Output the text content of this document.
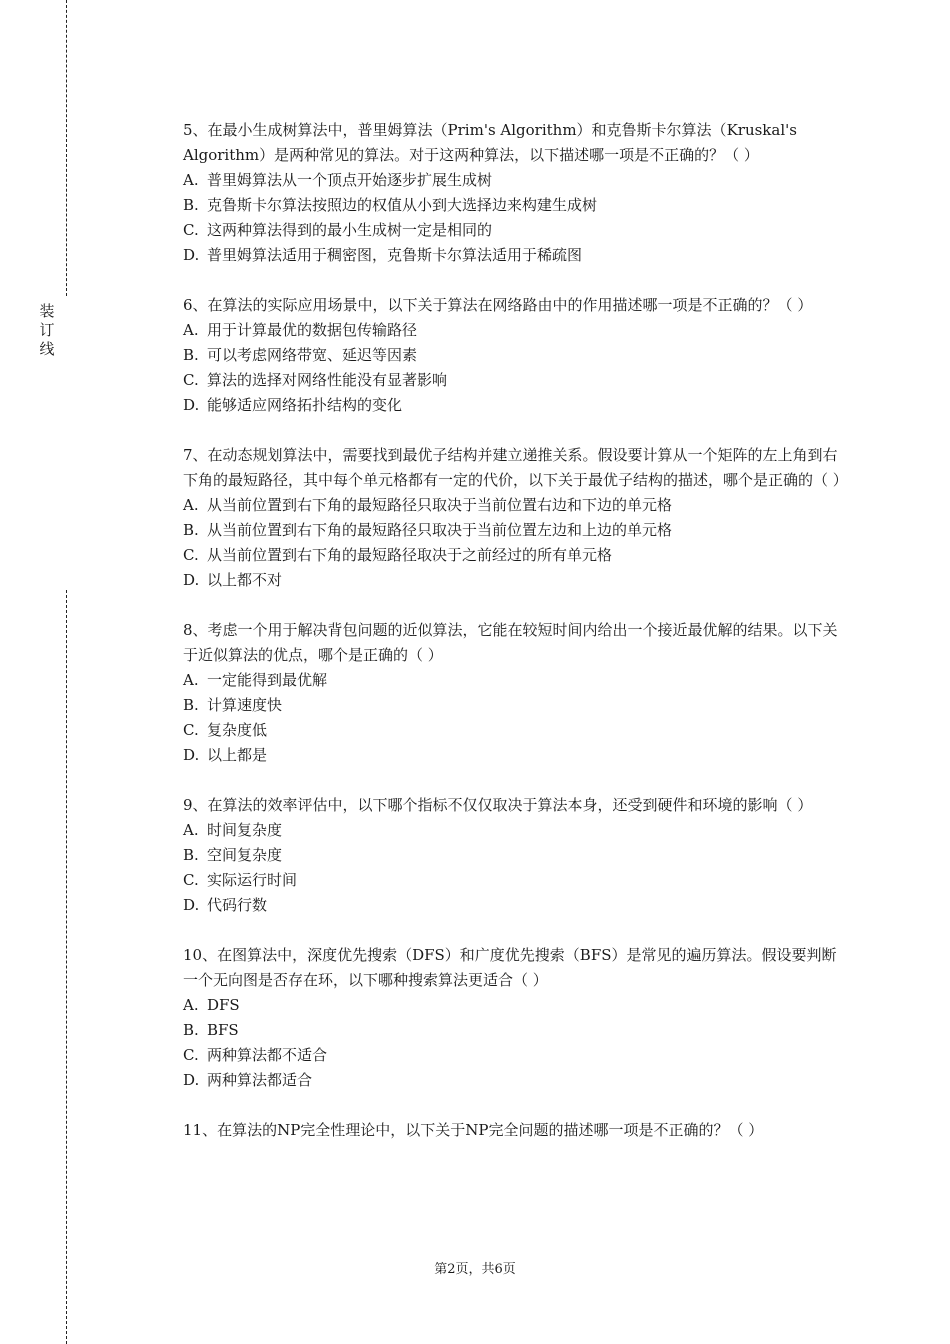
装订线

5、在最小生成树算法中，普里姆算法（Prim's Algorithm）和克鲁斯卡尔算法（Kruskal's Algorithm）是两种常见的算法。对于这两种算法，以下描述哪一项是不正确的？（ ）

A. 普里姆算法从一个顶点开始逐步扩展生成树
B. 克鲁斯卡尔算法按照边的权值从小到大选择边来构建生成树
C. 这两种算法得到的最小生成树一定是相同的
D. 普里姆算法适用于稠密图，克鲁斯卡尔算法适用于稀疏图

6、在算法的实际应用场景中，以下关于算法在网络路由中的作用描述哪一项是不正确的？（ ）

A. 用于计算最优的数据包传输路径
B. 可以考虑网络带宽、延迟等因素
C. 算法的选择对网络性能没有显著影响
D. 能够适应网络拓扑结构的变化

7、在动态规划算法中，需要找到最优子结构并建立递推关系。假设要计算从一个矩阵的左上角到右下角的最短路径，其中每个单元格都有一定的代价，以下关于最优子结构的描述，哪个是正确的（ ）

A. 从当前位置到右下角的最短路径只取决于当前位置右边和下边的单元格
B. 从当前位置到右下角的最短路径只取决于当前位置左边和上边的单元格
C. 从当前位置到右下角的最短路径取决于之前经过的所有单元格
D. 以上都不对

8、考虑一个用于解决背包问题的近似算法，它能在较短时间内给出一个接近最优解的结果。以下关于近似算法的优点，哪个是正确的（ ）

A. 一定能得到最优解
B. 计算速度快
C. 复杂度低
D. 以上都是

9、在算法的效率评估中，以下哪个指标不仅仅取决于算法本身，还受到硬件和环境的影响（ ）

A. 时间复杂度
B. 空间复杂度
C. 实际运行时间
D. 代码行数

10、在图算法中，深度优先搜索（DFS）和广度优先搜索（BFS）是常见的遍历算法。假设要判断一个无向图是否存在环，以下哪种搜索算法更适合（ ）

A. DFS
B. BFS
C. 两种算法都不适合
D. 两种算法都适合

11、在算法的NP完全性理论中，以下关于NP完全问题的描述哪一项是不正确的？（ ）

第2页，共6页
